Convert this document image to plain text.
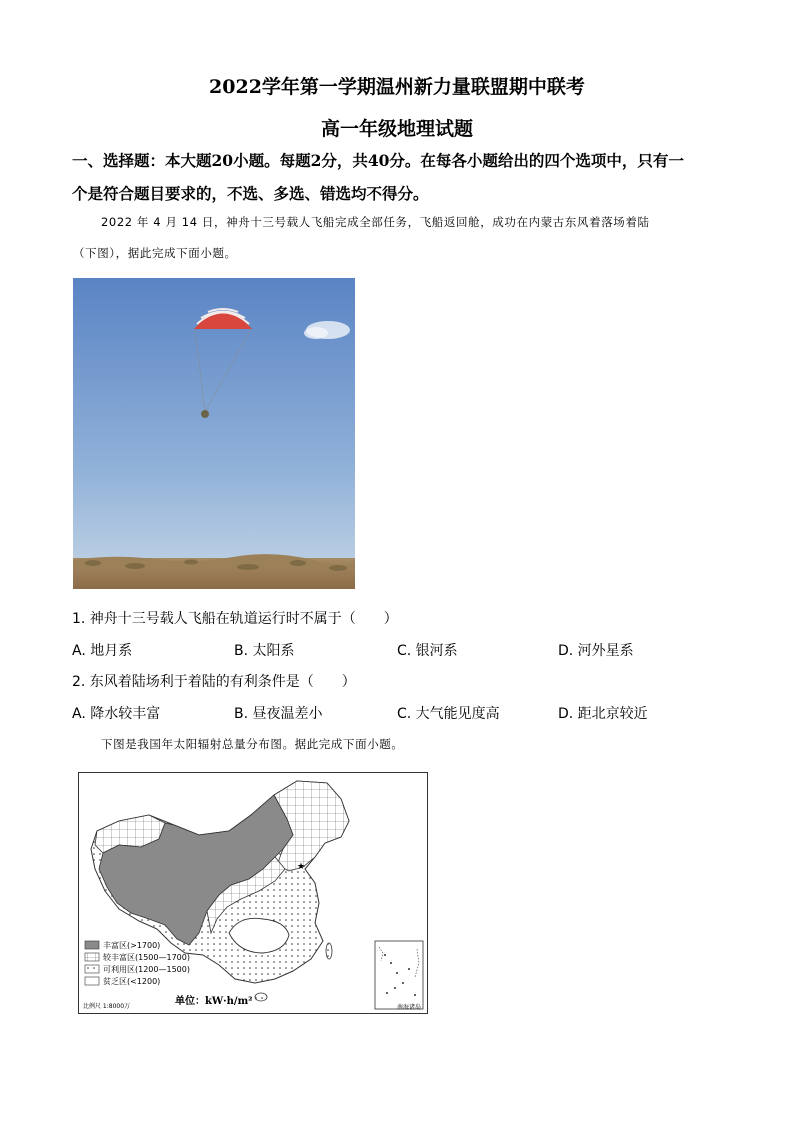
2022学年第一学期温州新力量联盟期中联考
高一年级地理试题
一、选择题：本大题20小题。每题2分，共40分。在每各小题给出的四个选项中，只有一
个是符合题目要求的，不选、多选、错选均不得分。
2022 年 4 月 14 日，神舟十三号载人飞船完成全部任务，飞船返回舱，成功在内蒙古东风着落场着陆
（下图），据此完成下面小题。
1. 神舟十三号载人飞船在轨道运行时不属于（　　）
A. 地月系	B. 太阳系	C. 银河系	D. 河外星系
2. 东风着陆场利于着陆的有利条件是（　　）
A. 降水较丰富	B. 昼夜温差小	C. 大气能见度高	D. 距北京较近
下图是我国年太阳辐射总量分布图。据此完成下面小题。
★
丰富区(>1700)
较丰富区(1500—1700)
可利用区(1200—1500)
贫乏区(<1200)
单位：kW·h/m²
比例尺 1:8000万	南海诸岛
